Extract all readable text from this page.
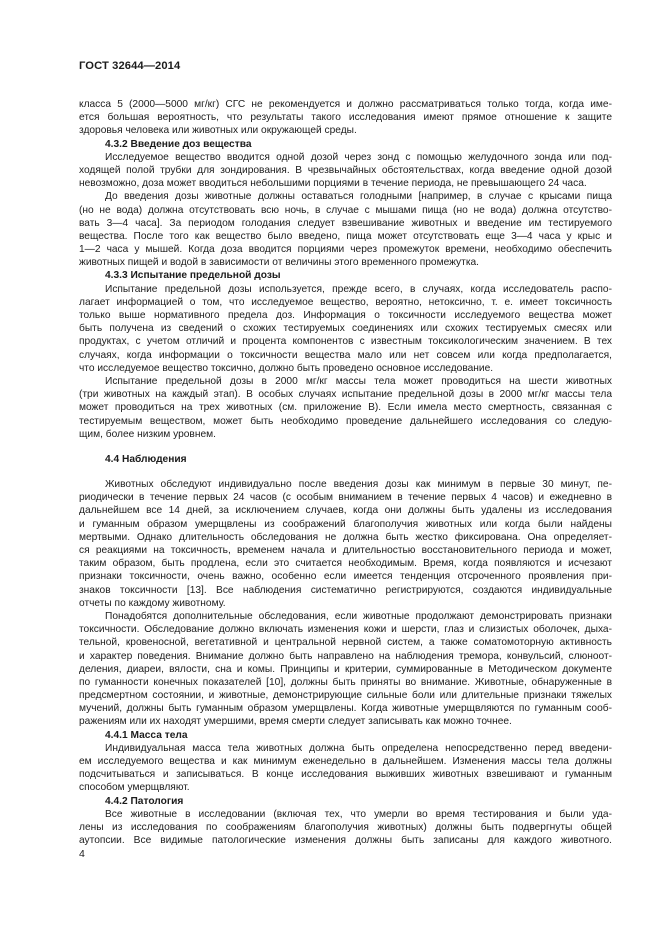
ГОСТ 32644—2014
класса 5 (2000—5000 мг/кг) СГС не рекомендуется и должно рассматриваться только тогда, когда име-
ется большая вероятность, что результаты такого исследования имеют прямое отношение к защите
здоровья человека или животных или окружающей среды.
4.3.2 Введение доз вещества
Исследуемое вещество вводится одной дозой через зонд с помощью желудочного зонда или под-
ходящей полой трубки для зондирования. В чрезвычайных обстоятельствах, когда введение одной дозой
невозможно, доза может вводиться небольшими порциями в течение периода, не превышающего 24 часа.
До введения дозы животные должны оставаться голодными [например, в случае с крысами пища
(но не вода) должна отсутствовать всю ночь, в случае с мышами пища (но не вода) должна отсутство-
вать 3—4 часа]. За периодом голодания следует взвешивание животных и введение им тестируемого
вещества. После того как вещество было введено, пища может отсутствовать еще 3—4 часа у крыс и
1—2 часа у мышей. Когда доза вводится порциями через промежуток времени, необходимо обеспечить
животных пищей и водой в зависимости от величины этого временного промежутка.
4.3.3 Испытание предельной дозы
Испытание предельной дозы используется, прежде всего, в случаях, когда исследователь распо-
лагает информацией о том, что исследуемое вещество, вероятно, нетоксично, т. е. имеет токсичность
только выше нормативного предела доз. Информация о токсичности исследуемого вещества может
быть получена из сведений о схожих тестируемых соединениях или схожих тестируемых смесях или
продуктах, с учетом отличий и процента компонентов с известным токсикологическим значением. В тех
случаях, когда информации о токсичности вещества мало или нет совсем или когда предполагается,
что исследуемое вещество токсично, должно быть проведено основное исследование.
Испытание предельной дозы в 2000 мг/кг массы тела может проводиться на шести животных
(три животных на каждый этап). В особых случаях испытание предельной дозы в 2000 мг/кг массы тела
может проводиться на трех животных (см. приложение В). Если имела место смертность, связанная с
тестируемым веществом, может быть необходимо проведение дальнейшего исследования со следую-
щим, более низким уровнем.
4.4 Наблюдения
Животных обследуют индивидуально после введения дозы как минимум в первые 30 минут, пе-
риодически в течение первых 24 часов (с особым вниманием в течение первых 4 часов) и ежедневно в
дальнейшем все 14 дней, за исключением случаев, когда они должны быть удалены из исследования
и гуманным образом умерщвлены из соображений благополучия животных или когда были найдены
мертвыми. Однако длительность обследования не должна быть жестко фиксирована. Она определяет-
ся реакциями на токсичность, временем начала и длительностью восстановительного периода и может,
таким образом, быть продлена, если это считается необходимым. Время, когда появляются и исчезают
признаки токсичности, очень важно, особенно если имеется тенденция отсроченного проявления при-
знаков токсичности [13]. Все наблюдения систематично регистрируются, создаются индивидуальные
отчеты по каждому животному.
Понадобятся дополнительные обследования, если животные продолжают демонстрировать признаки
токсичности. Обследование должно включать изменения кожи и шерсти, глаз и слизистых оболочек, дыха-
тельной, кровеносной, вегетативной и центральной нервной систем, а также соматомоторную активность
и характер поведения. Внимание должно быть направлено на наблюдения тремора, конвульсий, слюноот-
деления, диареи, вялости, сна и комы. Принципы и критерии, суммированные в Методическом документе
по гуманности конечных показателей [10], должны быть приняты во внимание. Животные, обнаруженные в
предсмертном состоянии, и животные, демонстрирующие сильные боли или длительные признаки тяжелых
мучений, должны быть гуманным образом умерщвлены. Когда животные умерщвляются по гуманным сооб-
ражениям или их находят умершими, время смерти следует записывать как можно точнее.
4.4.1 Масса тела
Индивидуальная масса тела животных должна быть определена непосредственно перед введени-
ем исследуемого вещества и как минимум еженедельно в дальнейшем. Изменения массы тела должны
подсчитываться и записываться. В конце исследования выживших животных взвешивают и гуманным
способом умерщвляют.
4.4.2 Патология
Все животные в исследовании (включая тех, что умерли во время тестирования и были уда-
лены из исследования по соображениям благополучия животных) должны быть подвергнуты общей
аутопсии. Все видимые патологические изменения должны быть записаны для каждого животного.
4
